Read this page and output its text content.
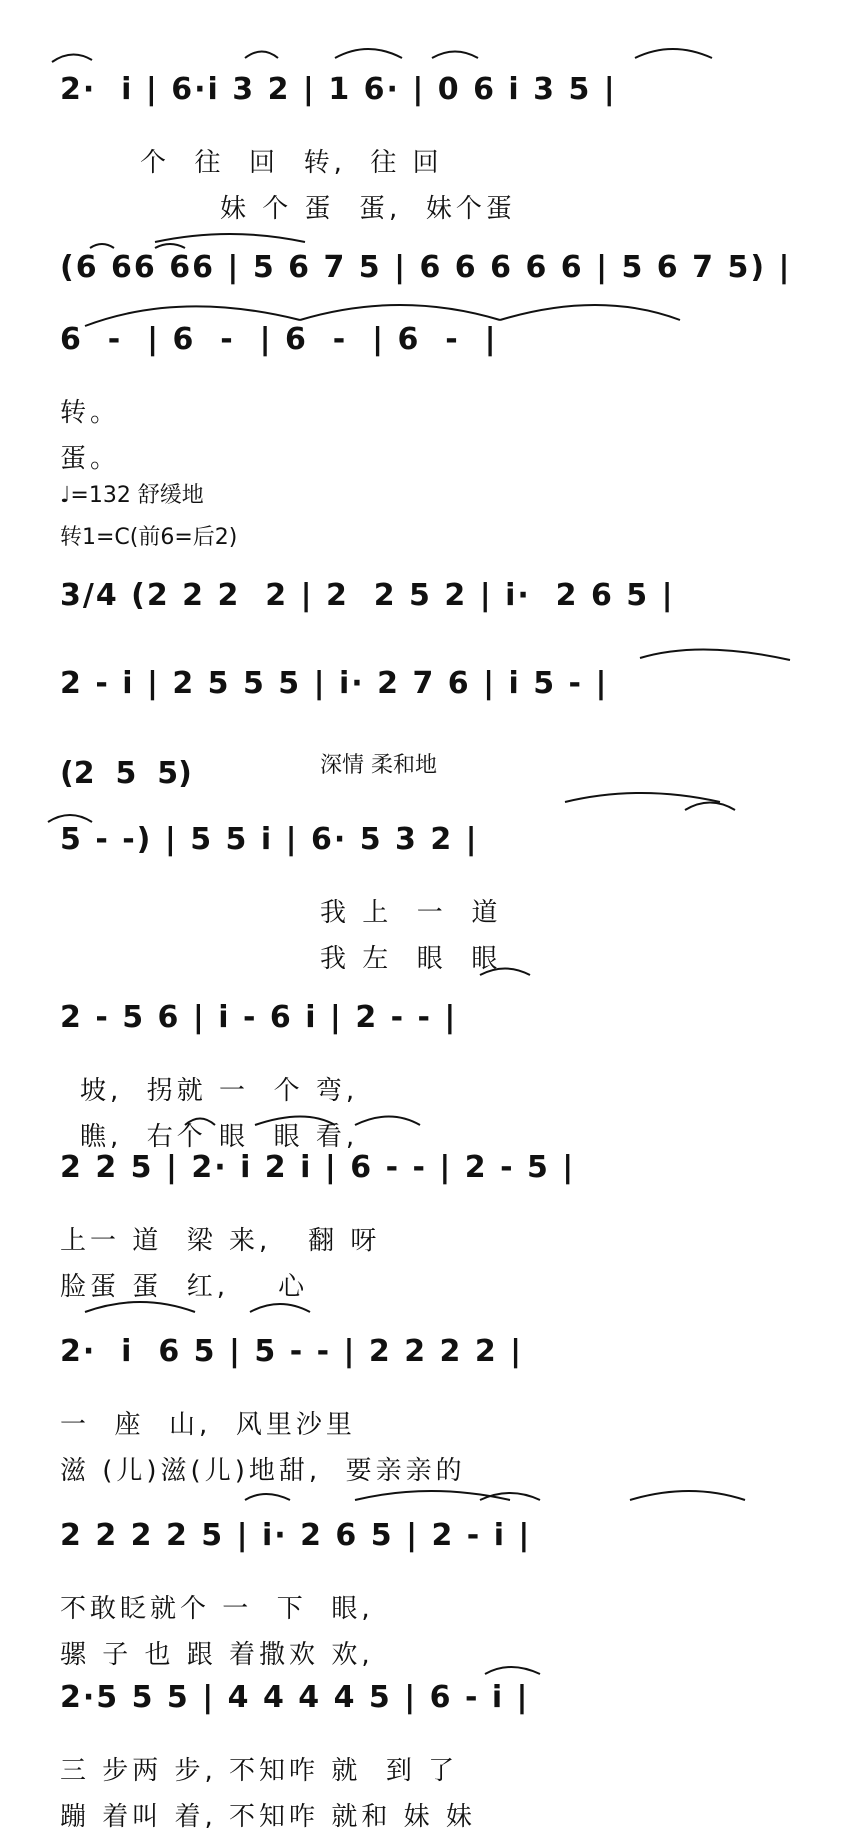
2·  i | 6·i 3 2 | 1 6· | 0 6 i 3 5 |
个  往  回  转,  往 回
妹 个 蛋  蛋,  妹个蛋
(6 66 66 | 5 6 7 5 | 6 6 6 6 6 | 5 6 7 5) |
6  -  | 6  -  | 6  -  | 6  -  |
转。
蛋。
♩=132 舒缓地
转1=C(前6=后2)
3/4 (2 2 2  2 | 2  2 5 2 | i·  2 6 5 |
2 - i | 2 5 5 5 | i· 2 7 6 | i 5 - |
(2  5  5)	深情 柔和地
5 - -) | 5 5 i | 6· 5 3 2 |
我 上  一  道
我 左  眼  眼
2 - 5 6 | i - 6 i | 2 - - |
坡,  拐就 一  个 弯,
瞧,  右个 眼  眼 看,
2 2 5 | 2· i 2 i | 6 - - | 2 - 5 |
上一 道  梁 来,   翻 呀
脸蛋 蛋  红,    心
2·  i  6 5 | 5 - - | 2 2 2 2 |
一  座  山,  风里沙里
滋 (儿)滋(儿)地甜,  要亲亲的
2 2 2 2 5 | i· 2 6 5 | 2 - i |
不敢眨就个 一  下  眼,
骡 子 也 跟 着撒欢 欢,
2·5 5 5 | 4 4 4 4 5 | 6 - i |
三 步两 步, 不知咋 就  到 了
蹦 着叫 着, 不知咋 就和 妹 妹
